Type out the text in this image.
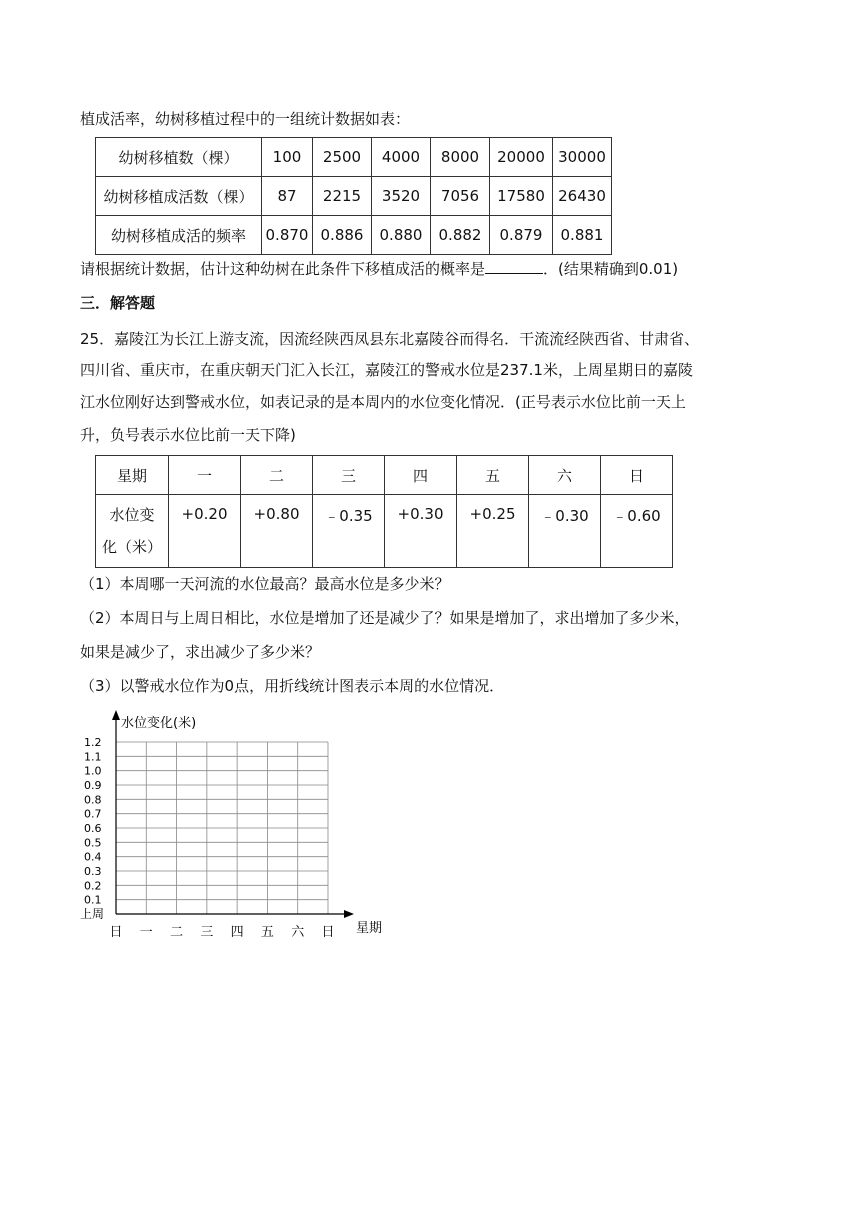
植成活率，幼树移植过程中的一组统计数据如表：
幼树移植数（棵）	100	2500	4000	8000	20000	30000
幼树移植成活数（棵）	87	2215	3520	7056	17580	26430
幼树移植成活的频率	0.870	0.886	0.880	0.882	0.879	0.881
请根据统计数据，估计这种幼树在此条件下移植成活的概率是	．(结果精确到0.01)
三．解答题
25．嘉陵江为长江上游支流，因流经陕西凤县东北嘉陵谷而得名．干流流经陕西省、甘肃省、
四川省、重庆市，在重庆朝天门汇入长江，嘉陵江的警戒水位是237.1米，上周星期日的嘉陵
江水位刚好达到警戒水位，如表记录的是本周内的水位变化情况．(正号表示水位比前一天上
升，负号表示水位比前一天下降)
星期	一	二	三	四	五	六	日
水位变
化（米）	+0.20	+0.80	﹣0.35	+0.30	+0.25	﹣0.30	﹣0.60
（1）本周哪一天河流的水位最高？最高水位是多少米？
（2）本周日与上周日相比，水位是增加了还是减少了？如果是增加了，求出增加了多少米，
如果是减少了，求出减少了多少米？
（3）以警戒水位作为0点，用折线统计图表示本周的水位情况．
1.2
1.1
1.0
0.9
0.8
0.7
0.6
0.5
0.4
0.3
0.2
0.1
上周
日 一 二 三 四 五 六 日 星期
水位变化(米)
